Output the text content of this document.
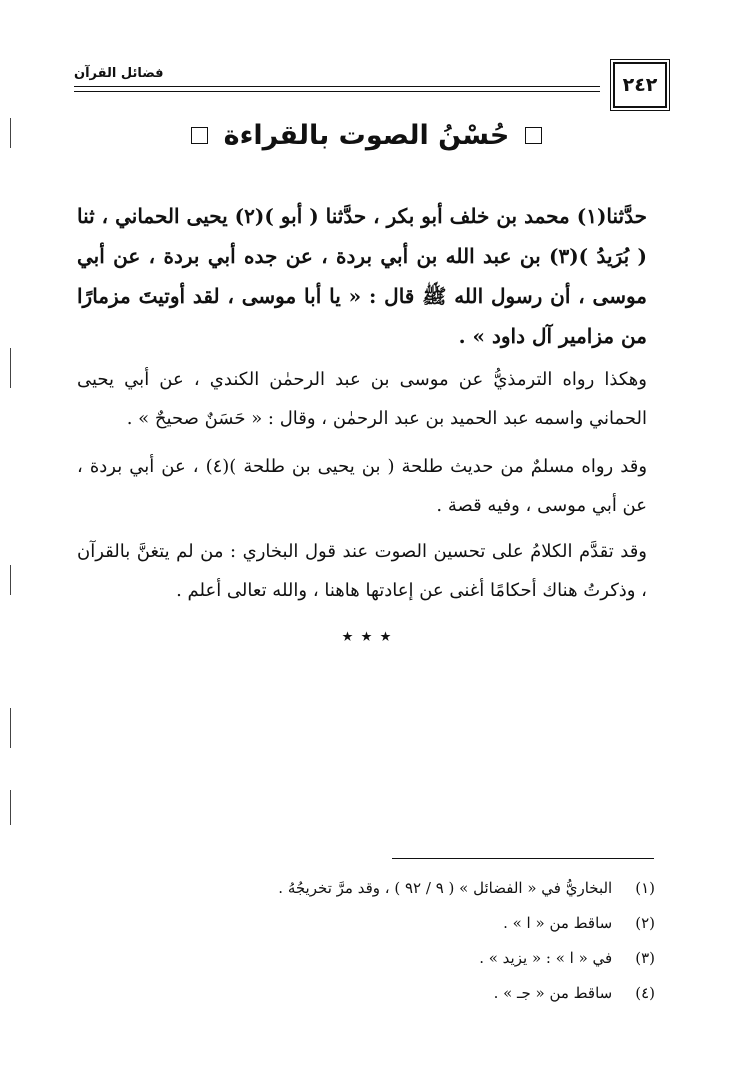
٢٤٢
فضائل القرآن
حُسْنُ الصوت بالقراءة
حدَّثنا(١) محمد بن خلف أبو بكر ، حدَّثنا ( أبو )(٢) يحيى الحماني ، ثنا ( بُرَيدُ )(٣) بن عبد الله بن أبي بردة ، عن جده أبي بردة ، عن أبي موسى ، أن رسول الله ﷺ قال : « يا أبا موسى ، لقد أوتيتَ مزمارًا من مزامير آل داود » .
وهكذا رواه الترمذيُّ عن موسى بن عبد الرحمٰن الكندي ، عن أبي يحيى الحماني واسمه عبد الحميد بن عبد الرحمٰن ، وقال : « حَسَنٌ صحيحٌ » .
وقد رواه مسلمٌ من حديث طلحة ( بن يحيى بن طلحة )(٤) ، عن أبي بردة ، عن أبي موسى ، وفيه قصة .
وقد تقدَّم الكلامُ على تحسين الصوت عند قول البخاري : من لم يتغنَّ بالقرآن ، وذكرتُ هناك أحكامًا أغنى عن إعادتها هاهنا ، والله تعالى أعلم .
٭ ٭ ٭
(١) البخاريُّ في « الفضائل » ( ٩ / ٩٢ ) ، وقد مرَّ تخريجُهُ .
(٢) ساقط من « ا » .
(٣) في « ا » : « يزيد » .
(٤) ساقط من « جـ » .
